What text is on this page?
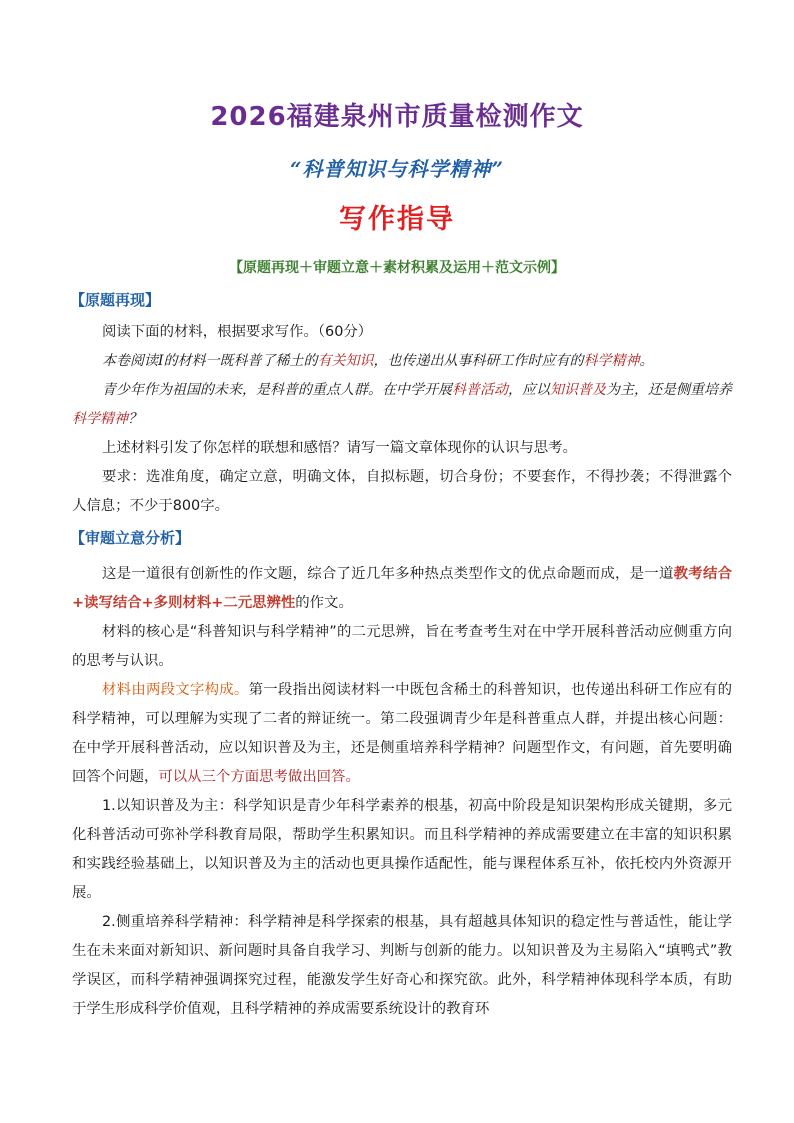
2026福建泉州市质量检测作文
“科普知识与科学精神”
写作指导
【原题再现＋审题立意＋素材积累及运用＋范文示例】
【原题再现】
阅读下面的材料，根据要求写作。（60分）
本卷阅读Ⅰ的材料一既科普了稀土的有关知识，也传递出从事科研工作时应有的科学精神。
青少年作为祖国的未来，是科普的重点人群。在中学开展科普活动，应以知识普及为主，还是侧重培养科学精神？
上述材料引发了你怎样的联想和感悟？请写一篇文章体现你的认识与思考。
要求：选准角度，确定立意，明确文体，自拟标题，切合身份；不要套作，不得抄袭；不得泄露个人信息；不少于800字。
【审题立意分析】
这是一道很有创新性的作文题，综合了近几年多种热点类型作文的优点命题而成，是一道教考结合+读写结合+多则材料+二元思辨性的作文。
材料的核心是“科普知识与科学精神”的二元思辨，旨在考查考生对在中学开展科普活动应侧重方向的思考与认识。
材料由两段文字构成。第一段指出阅读材料一中既包含稀土的科普知识，也传递出科研工作应有的科学精神，可以理解为实现了二者的辩证统一。第二段强调青少年是科普重点人群，并提出核心问题：在中学开展科普活动，应以知识普及为主，还是侧重培养科学精神？问题型作文，有问题，首先要明确回答个问题，可以从三个方面思考做出回答。
1.以知识普及为主：科学知识是青少年科学素养的根基，初高中阶段是知识架构形成关键期，多元化科普活动可弥补学科教育局限，帮助学生积累知识。而且科学精神的养成需要建立在丰富的知识积累和实践经验基础上，以知识普及为主的活动也更具操作适配性，能与课程体系互补，依托校内外资源开展。
2.侧重培养科学精神：科学精神是科学探索的根基，具有超越具体知识的稳定性与普适性，能让学生在未来面对新知识、新问题时具备自我学习、判断与创新的能力。以知识普及为主易陷入“填鸭式”教学误区，而科学精神强调探究过程，能激发学生好奇心和探究欲。此外，科学精神体现科学本质，有助于学生形成科学价值观，且科学精神的养成需要系统设计的教育环
